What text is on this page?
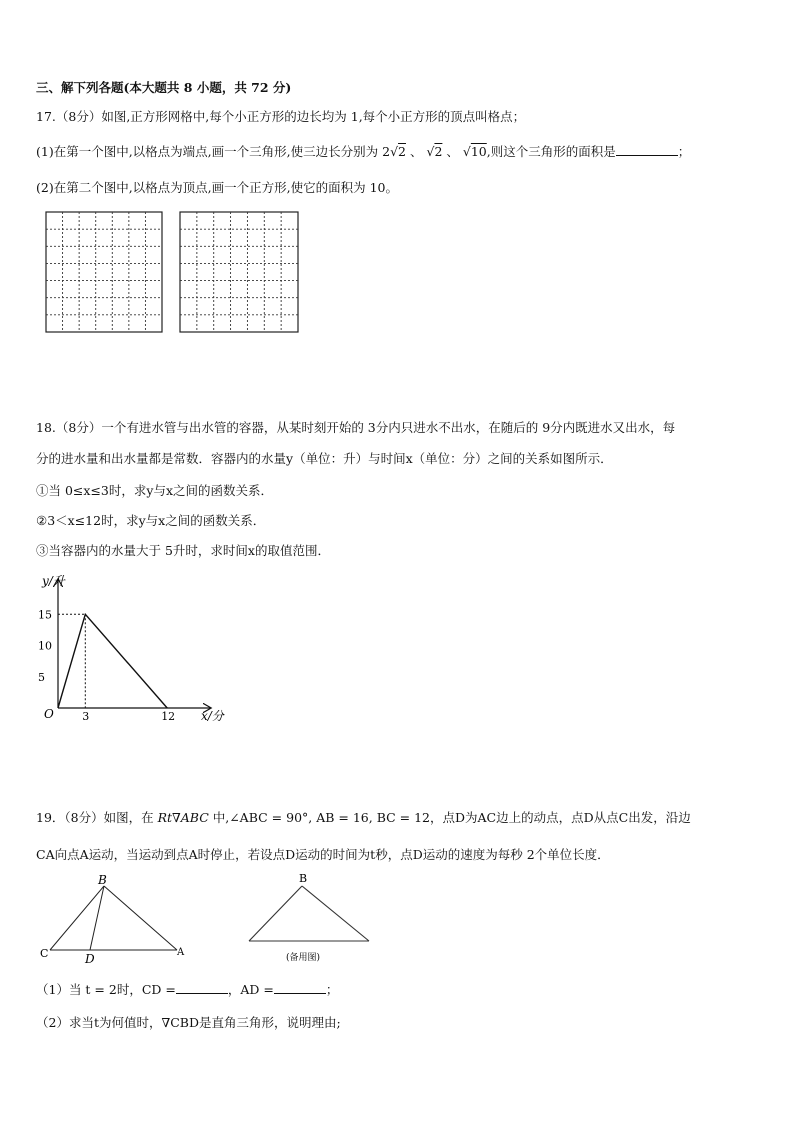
三、解下列各题(本大题共 8 小题，共 72 分)
17.（8分）如图,正方形网格中,每个小正方形的边长均为 1,每个小正方形的顶点叫格点；
(1)在第一个图中,以格点为端点,画一个三角形,使三边长分别为 2√2 、 √2 、 √10,则这个三角形的面积是	；
(2)在第二个图中,以格点为顶点,画一个正方形,使它的面积为 10。
18.（8分）一个有进水管与出水管的容器，从某时刻开始的 3分内只进水不出水，在随后的 9分内既进水又出水，每
分的进水量和出水量都是常数．容器内的水量y（单位：升）与时间x（单位：分）之间的关系如图所示．
①当 0≤x≤3时，求y与x之间的函数关系．
②3＜x≤12时，求y与x之间的函数关系．
③当容器内的水量大于 5升时，求时间x的取值范围．
y/升
x/分
O
5
10
15
3	12
19．（8分）如图，在 Rt∇ABC 中,∠ABC = 90°, AB = 16, BC = 12，点D为AC边上的动点，点D从点C出发，沿边
CA向点A运动，当运动到点A时停止，若设点D运动的时间为t秒，点D运动的速度为每秒 2个单位长度．
B
C	D	A
B
(备用图)
（1）当 t = 2时，CD =	，AD =	；
（2）求当t为何值时，∇CBD是直角三角形，说明理由;
